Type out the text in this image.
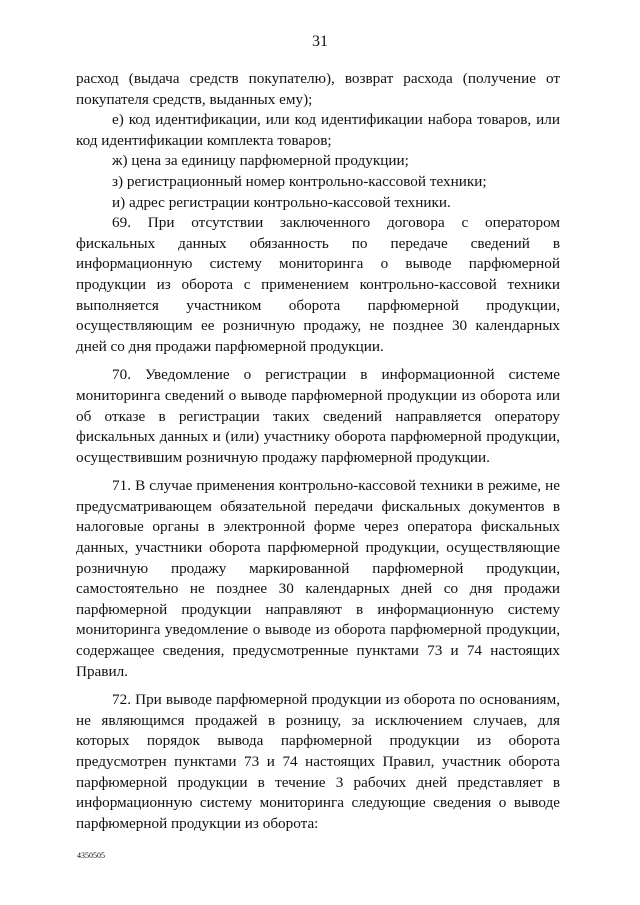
31

расход (выдача средств покупателю), возврат расхода (получение от покупателя средств, выданных ему);

е) код идентификации, или код идентификации набора товаров, или код идентификации комплекта товаров;

ж) цена за единицу парфюмерной продукции;

з) регистрационный номер контрольно-кассовой техники;

и) адрес регистрации контрольно-кассовой техники.

69. При отсутствии заключенного договора с оператором фискальных данных обязанность по передаче сведений в информационную систему мониторинга о выводе парфюмерной продукции из оборота с применением контрольно-кассовой техники выполняется участником оборота парфюмерной продукции, осуществляющим ее розничную продажу, не позднее 30 календарных дней со дня продажи парфюмерной продукции.

70. Уведомление о регистрации в информационной системе мониторинга сведений о выводе парфюмерной продукции из оборота или об отказе в регистрации таких сведений направляется оператору фискальных данных и (или) участнику оборота парфюмерной продукции, осуществившим розничную продажу парфюмерной продукции.

71. В случае применения контрольно-кассовой техники в режиме, не предусматривающем обязательной передачи фискальных документов в налоговые органы в электронной форме через оператора фискальных данных, участники оборота парфюмерной продукции, осуществляющие розничную продажу маркированной парфюмерной продукции, самостоятельно не позднее 30 календарных дней со дня продажи парфюмерной продукции направляют в информационную систему мониторинга уведомление о выводе из оборота парфюмерной продукции, содержащее сведения, предусмотренные пунктами 73 и 74 настоящих Правил.

72. При выводе парфюмерной продукции из оборота по основаниям, не являющимся продажей в розницу, за исключением случаев, для которых порядок вывода парфюмерной продукции из оборота предусмотрен пунктами 73 и 74 настоящих Правил, участник оборота парфюмерной продукции в течение 3 рабочих дней представляет в информационную систему мониторинга следующие сведения о выводе парфюмерной продукции из оборота:

4350505
